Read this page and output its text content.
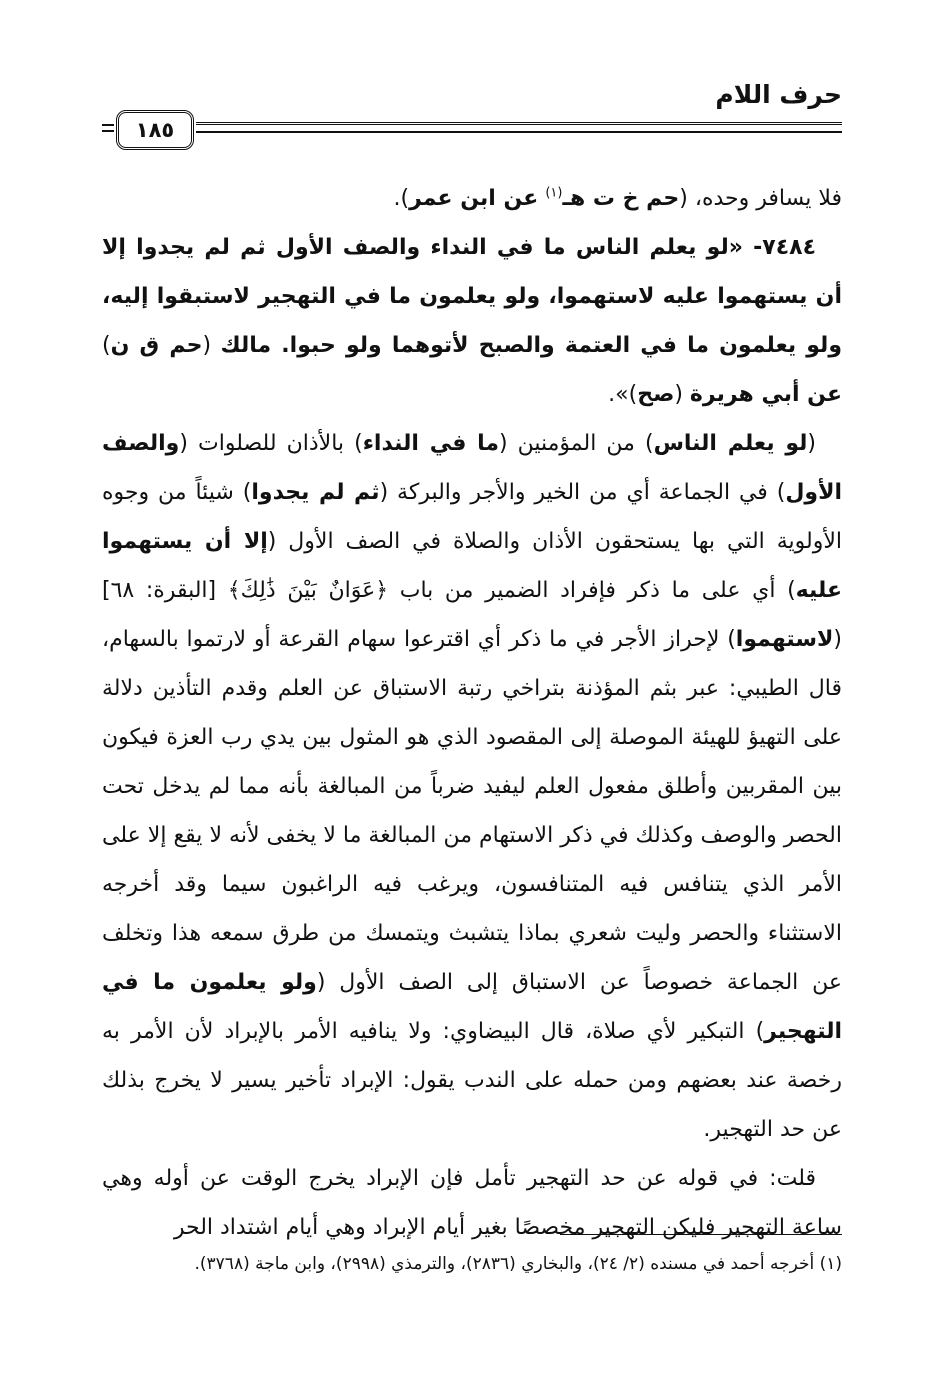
حرف اللام
١٨٥

فلا يسافر وحده، (حم خ ت هـ$^{(١)}$ عن ابن عمر).

٧٤٨٤- «لو يعلم الناس ما في النداء والصف الأول ثم لم يجدوا إلا أن يستهموا عليه لاستهموا، ولو يعلمون ما في التهجير لاستبقوا إليه، ولو يعلمون ما في العتمة والصبح لأتوهما ولو حبوا. مالك (حم ق ن) عن أبي هريرة (صح)».

(لو يعلم الناس) من المؤمنين (ما في النداء) بالأذان للصلوات (والصف الأول) في الجماعة أي من الخير والأجر والبركة (ثم لم يجدوا) شيئاً من وجوه الأولوية التي بها يستحقون الأذان والصلاة في الصف الأول (إلا أن يستهموا عليه) أي على ما ذكر فإفراد الضمير من باب ﴿عَوَانٌ بَيْنَ ذَٰلِكَ﴾ [البقرة: ٦٨] (لاستهموا) لإحراز الأجر في ما ذكر أي اقترعوا سهام القرعة أو لارتموا بالسهام، قال الطيبي: عبر بثم المؤذنة بتراخي رتبة الاستباق عن العلم وقدم التأذين دلالة على التهيؤ للهيئة الموصلة إلى المقصود الذي هو المثول بين يدي رب العزة فيكون بين المقربين وأطلق مفعول العلم ليفيد ضرباً من المبالغة بأنه مما لم يدخل تحت الحصر والوصف وكذلك في ذكر الاستهام من المبالغة ما لا يخفى لأنه لا يقع إلا على الأمر الذي يتنافس فيه المتنافسون، ويرغب فيه الراغبون سيما وقد أخرجه الاستثناء والحصر وليت شعري بماذا يتشبث ويتمسك من طرق سمعه هذا وتخلف عن الجماعة خصوصاً عن الاستباق إلى الصف الأول (ولو يعلمون ما في التهجير) التبكير لأي صلاة، قال البيضاوي: ولا ينافيه الأمر بالإبراد لأن الأمر به رخصة عند بعضهم ومن حمله على الندب يقول: الإبراد تأخير يسير لا يخرج بذلك عن حد التهجير.

قلت: في قوله عن حد التهجير تأمل فإن الإبراد يخرج الوقت عن أوله وهي ساعة التهجير فليكن التهجير مخصصًا بغير أيام الإبراد وهي أيام اشتداد الحر

(١) أخرجه أحمد في مسنده (٢/ ٢٤)، والبخاري (٢٨٣٦)، والترمذي (٢٩٩٨)، وابن ماجة (٣٧٦٨).
